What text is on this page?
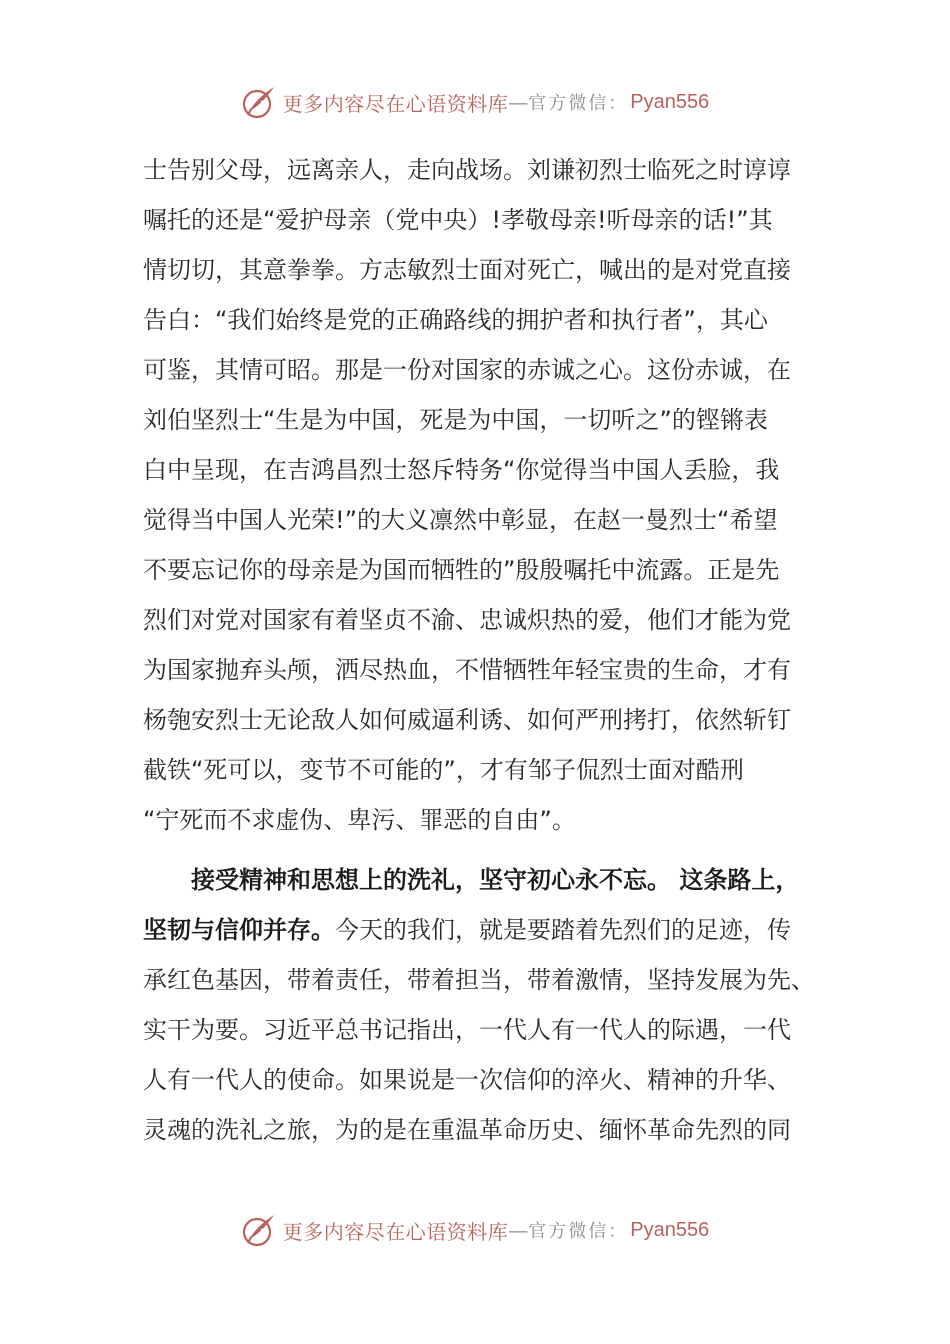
更多内容尽在心语资料库 — 官方微信： Pyan556
士告别父母，远离亲人，走向战场。刘谦初烈士临死之时谆谆
嘱托的还是“爱护母亲（党中央）!孝敬母亲!听母亲的话!”其
情切切，其意拳拳。方志敏烈士面对死亡，喊出的是对党直接
告白：“我们始终是党的正确路线的拥护者和执行者”，其心
可鉴，其情可昭。那是一份对国家的赤诚之心。这份赤诚，在
刘伯坚烈士“生是为中国，死是为中国，一切听之”的铿锵表
白中呈现，在吉鸿昌烈士怒斥特务“你觉得当中国人丢脸，我
觉得当中国人光荣!”的大义凛然中彰显，在赵一曼烈士“希望
不要忘记你的母亲是为国而牺牲的”殷殷嘱托中流露。正是先
烈们对党对国家有着坚贞不渝、忠诚炽热的爱，他们才能为党
为国家抛弃头颅，洒尽热血，不惜牺牲年轻宝贵的生命，才有
杨匏安烈士无论敌人如何威逼利诱、如何严刑拷打，依然斩钉
截铁“死可以，变节不可能的”，才有邹子侃烈士面对酷刑
“宁死而不求虚伪、卑污、罪恶的自由”。
接受精神和思想上的洗礼，坚守初心永不忘。 这条路上，
坚韧与信仰并存。今天的我们，就是要踏着先烈们的足迹，传
承红色基因，带着责任，带着担当，带着激情，坚持发展为先、
实干为要。习近平总书记指出，一代人有一代人的际遇，一代
人有一代人的使命。如果说是一次信仰的淬火、精神的升华、
灵魂的洗礼之旅，为的是在重温革命历史、缅怀革命先烈的同
更多内容尽在心语资料库 — 官方微信： Pyan556
